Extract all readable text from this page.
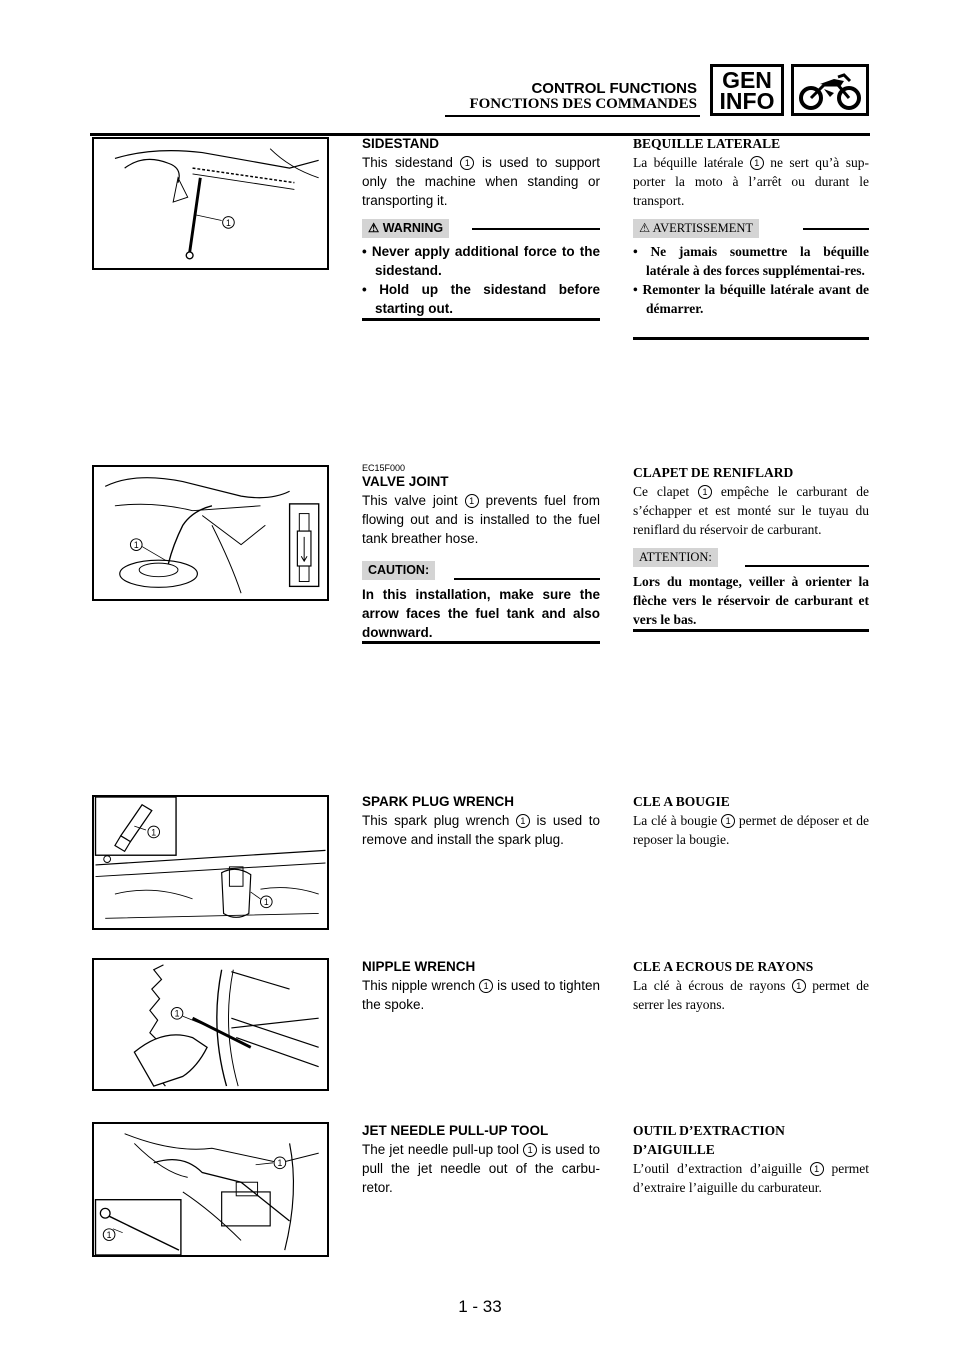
CONTROL FUNCTIONS
FONCTIONS DES COMMANDES
GEN
INFO
1
SIDESTAND
This sidestand 1 is used to support only the machine when standing or transporting it.
⚠ WARNING
• Never apply additional force to the sidestand.
• Hold up the sidestand before starting out.
BEQUILLE LATERALE
La béquille latérale 1 ne sert qu’à sup-porter la moto à l’arrêt ou durant le transport.
⚠ AVERTISSEMENT
• Ne jamais soumettre la béquille latérale à des forces supplémentai-res.
• Remonter la béquille latérale avant de démarrer.
1
EC15F000
VALVE JOINT
This valve joint 1 prevents fuel from flowing out and is installed to the fuel tank breather hose.
CAUTION:
In this installation, make sure the arrow faces the fuel tank and also downward.
CLAPET DE RENIFLARD
Ce clapet 1 empêche le carburant de s’échapper et est monté sur le tuyau du reniflard du réservoir de carburant.
ATTENTION:
Lors du montage, veiller à orienter la flèche vers le réservoir de carburant et vers le bas.
1
1
SPARK PLUG WRENCH
This spark plug wrench 1 is used to remove and install the spark plug.
CLE A BOUGIE
La clé à bougie 1 permet de déposer et de reposer la bougie.
1
NIPPLE WRENCH
This nipple wrench 1 is used to tighten the spoke.
CLE A ECROUS DE RAYONS
La clé à écrous de rayons 1 permet de serrer les rayons.
1
1
JET NEEDLE PULL-UP TOOL
The jet needle pull-up tool 1 is used to pull the jet needle out of the carbu-retor.
OUTIL D’EXTRACTION
D’AIGUILLE
L’outil d’extraction d’aiguille 1 permet d’extraire l’aiguille du carburateur.
1 - 33
